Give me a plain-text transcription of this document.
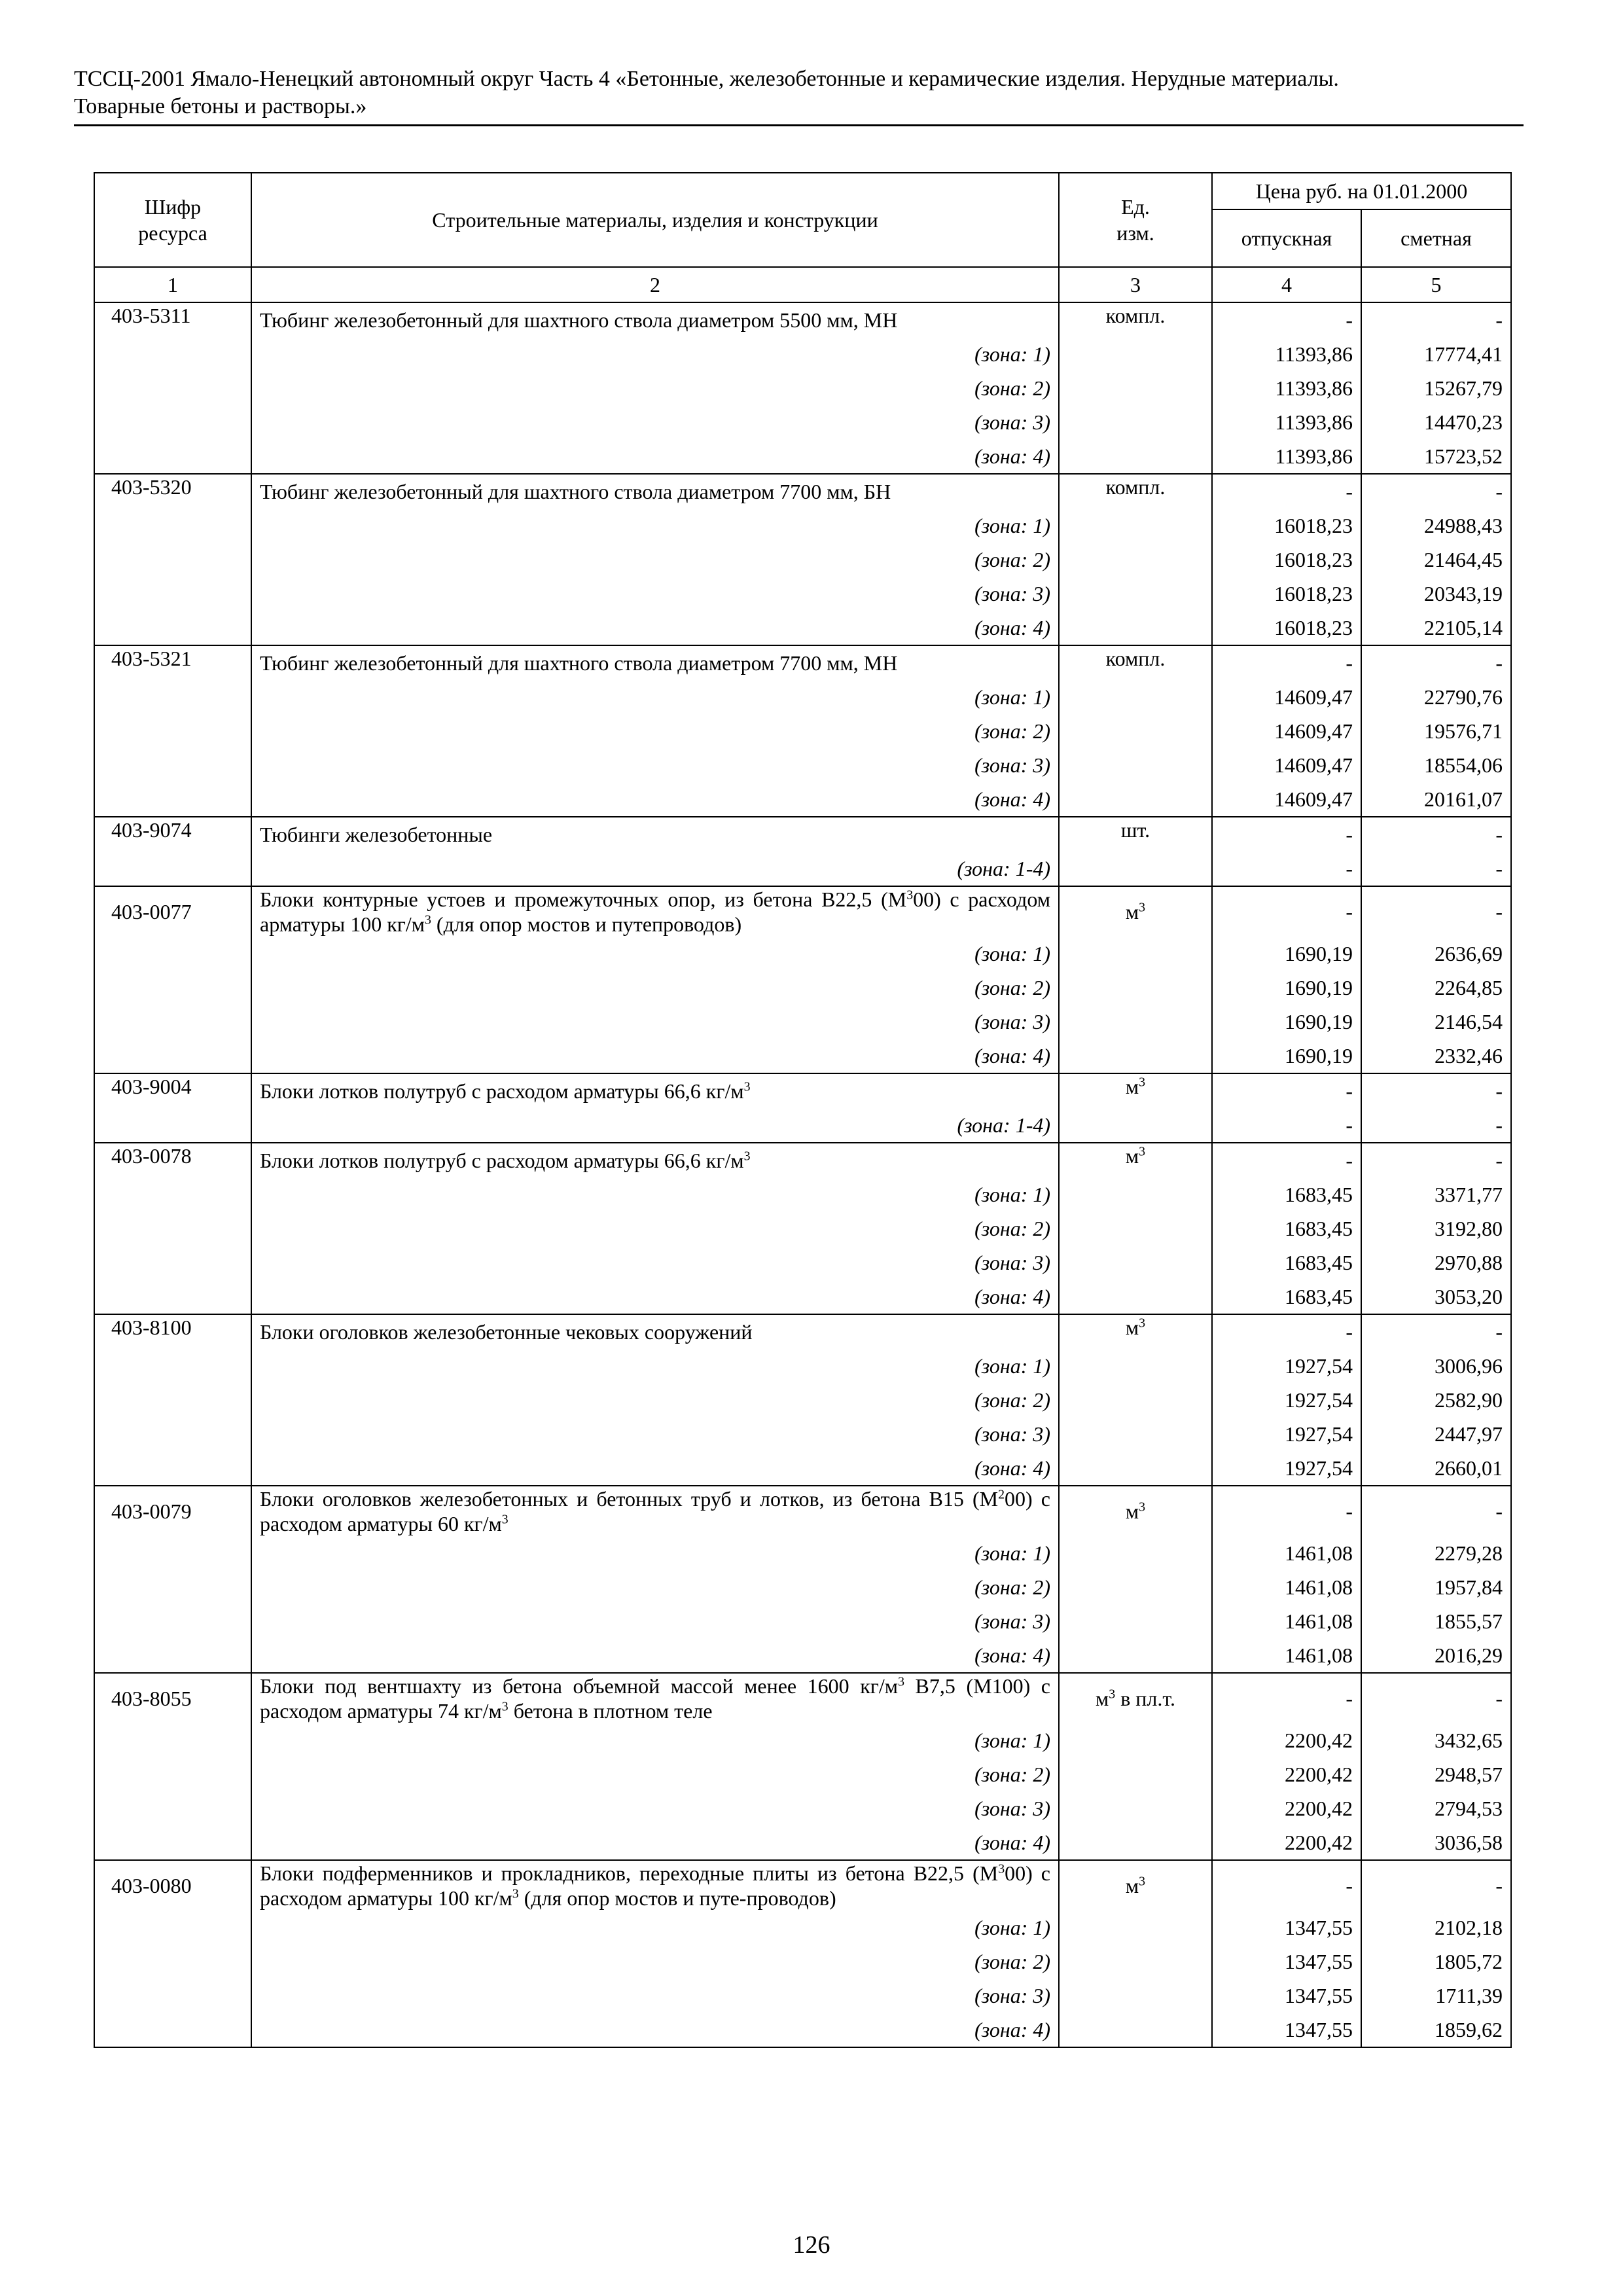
ТССЦ-2001 Ямало-Ненецкий автономный округ Часть 4 «Бетонные, железобетонные и керамические изделия. Нерудные материалы.
Товарные бетоны и растворы.»
Шифр ресурса	Строительные материалы, изделия и конструкции	Ед. изм.	Цена руб. на 01.01.2000	
			отпускная	сметная
1	2	3	4	5
403-5311	Тюбинг железобетонный для шахтного ствола диаметром 5500 мм, МН	компл.	-	-
	(зона: 1)		11393,86	17774,41
	(зона: 2)		11393,86	15267,79
	(зона: 3)		11393,86	14470,23
	(зона: 4)		11393,86	15723,52
403-5320	Тюбинг железобетонный для шахтного ствола диаметром 7700 мм, БН	компл.	-	-
	(зона: 1)		16018,23	24988,43
	(зона: 2)		16018,23	21464,45
	(зона: 3)		16018,23	20343,19
	(зона: 4)		16018,23	22105,14
403-5321	Тюбинг железобетонный для шахтного ствола диаметром 7700 мм, МН	компл.	-	-
	(зона: 1)		14609,47	22790,76
	(зона: 2)		14609,47	19576,71
	(зона: 3)		14609,47	18554,06
	(зона: 4)		14609,47	20161,07
403-9074	Тюбинги железобетонные	шт.	-	-
	(зона: 1-4)		-	-
403-0077	Блоки контурные устоев и промежуточных опор, из бетона В22,5 $(М^300)$ с расходом арматуры 100 $кг/м^3$ (для опор мостов и путепроводов)	$м^3$	-	-
	(зона: 1)		1690,19	2636,69
	(зона: 2)		1690,19	2264,85
	(зона: 3)		1690,19	2146,54
	(зона: 4)		1690,19	2332,46
403-9004	Блоки лотков полутруб с расходом арматуры 66,6 $кг/м^3$	$м^3$	-	-
	(зона: 1-4)		-	-
403-0078	Блоки лотков полутруб с расходом арматуры 66,6 $кг/м^3$	$м^3$	-	-
	(зона: 1)		1683,45	3371,77
	(зона: 2)		1683,45	3192,80
	(зона: 3)		1683,45	2970,88
	(зона: 4)		1683,45	3053,20
403-8100	Блоки оголовков железобетонные чековых сооружений	$м^3$	-	-
	(зона: 1)		1927,54	3006,96
	(зона: 2)		1927,54	2582,90
	(зона: 3)		1927,54	2447,97
	(зона: 4)		1927,54	2660,01
403-0079	Блоки оголовков железобетонных и бетонных труб и лотков, из бетона В15 $(М^200)$ с расходом арматуры 60 $кг/м^3$	$м^3$	-	-
	(зона: 1)		1461,08	2279,28
	(зона: 2)		1461,08	1957,84
	(зона: 3)		1461,08	1855,57
	(зона: 4)		1461,08	2016,29
403-8055	Блоки под вентшахту из бетона объемной массой менее 1600 $кг/м^3$ В7,5 (М100) с расходом арматуры 74 $кг/м^3$ бетона в плотном теле	$м^3$ в пл.т.	-	-
	(зона: 1)		2200,42	3432,65
	(зона: 2)		2200,42	2948,57
	(зона: 3)		2200,42	2794,53
	(зона: 4)		2200,42	3036,58
403-0080	Блоки подферменников и прокладников, переходные плиты из бетона В22,5 $(М^300)$ с расходом арматуры 100 $кг/м^3$ (для опор мостов и путе-проводов)	$м^3$	-	-
	(зона: 1)		1347,55	2102,18
	(зона: 2)		1347,55	1805,72
	(зона: 3)		1347,55	1711,39
	(зона: 4)		1347,55	1859,62
126
